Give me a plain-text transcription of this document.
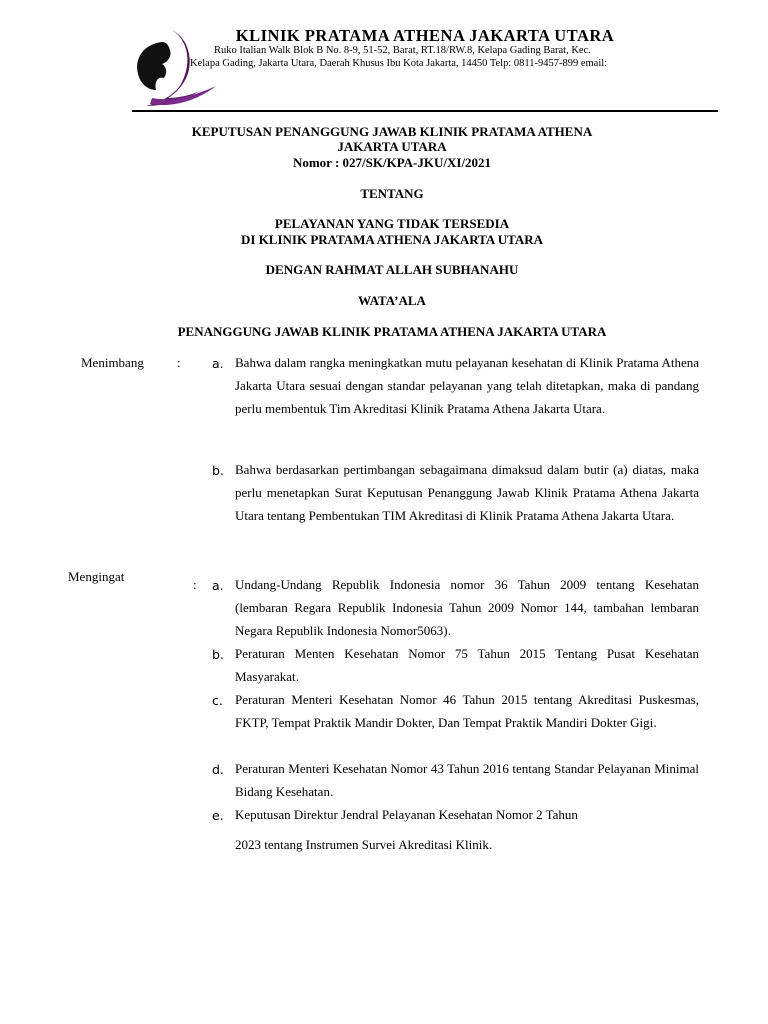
KLINIK PRATAMA ATHENA JAKARTA UTARA
Ruko Italian Walk Blok B No. 8-9, 51-52, Barat, RT.18/RW.8, Kelapa Gading Barat, Kec.
Kelapa Gading, Jakarta Utara, Daerah Khusus Ibu Kota Jakarta, 14450 Telp: 0811-9457-899 email:
KEPUTUSAN PENANGGUNG JAWAB KLINIK PRATAMA ATHENA
JAKARTA UTARA
Nomor : 027/SK/KPA-JKU/XI/2021
TENTANG
PELAYANAN YANG TIDAK TERSEDIA
DI KLINIK PRATAMA ATHENA JAKARTA UTARA
DENGAN RAHMAT ALLAH SUBHANAHU
WATA’ALA
PENANGGUNG JAWAB KLINIK PRATAMA ATHENA JAKARTA UTARA
Menimbang	:	a. Bahwa dalam rangka meningkatkan mutu pelayanan kesehatan di Klinik Pratama Athena Jakarta Utara sesuai dengan standar pelayanan yang telah ditetapkan, maka di pandang perlu membentuk Tim Akreditasi Klinik Pratama Athena Jakarta Utara.

b. Bahwa berdasarkan pertimbangan sebagaimana dimaksud dalam butir (a) diatas, maka perlu menetapkan Surat Keputusan Penanggung Jawab Klinik Pratama Athena Jakarta Utara tentang Pembentukan TIM Akreditasi di Klinik Pratama Athena Jakarta Utara.

Mengingat
: a. Undang-Undang Republik Indonesia nomor 36 Tahun 2009 tentang Kesehatan (lembaran Regara Republik Indonesia Tahun 2009 Nomor 144, tambahan lembaran Negara Republik Indonesia Nomor5063).

b. Peraturan Menten Kesehatan Nomor 75 Tahun 2015 Tentang Pusat Kesehatan Masyarakat.

c. Peraturan Menteri Kesehatan Nomor 46 Tahun 2015 tentang Akreditasi Puskesmas, FKTP, Tempat Praktik Mandir Dokter, Dan Tempat Praktik Mandiri Dokter Gigi.

d. Peraturan Menteri Kesehatan Nomor 43 Tahun 2016 tentang Standar Pelayanan Minimal Bidang Kesehatan.

e. Keputusan Direktur Jendral Pelayanan Kesehatan Nomor 2 Tahun

2023 tentang Instrumen Survei Akreditasi Klinik.
